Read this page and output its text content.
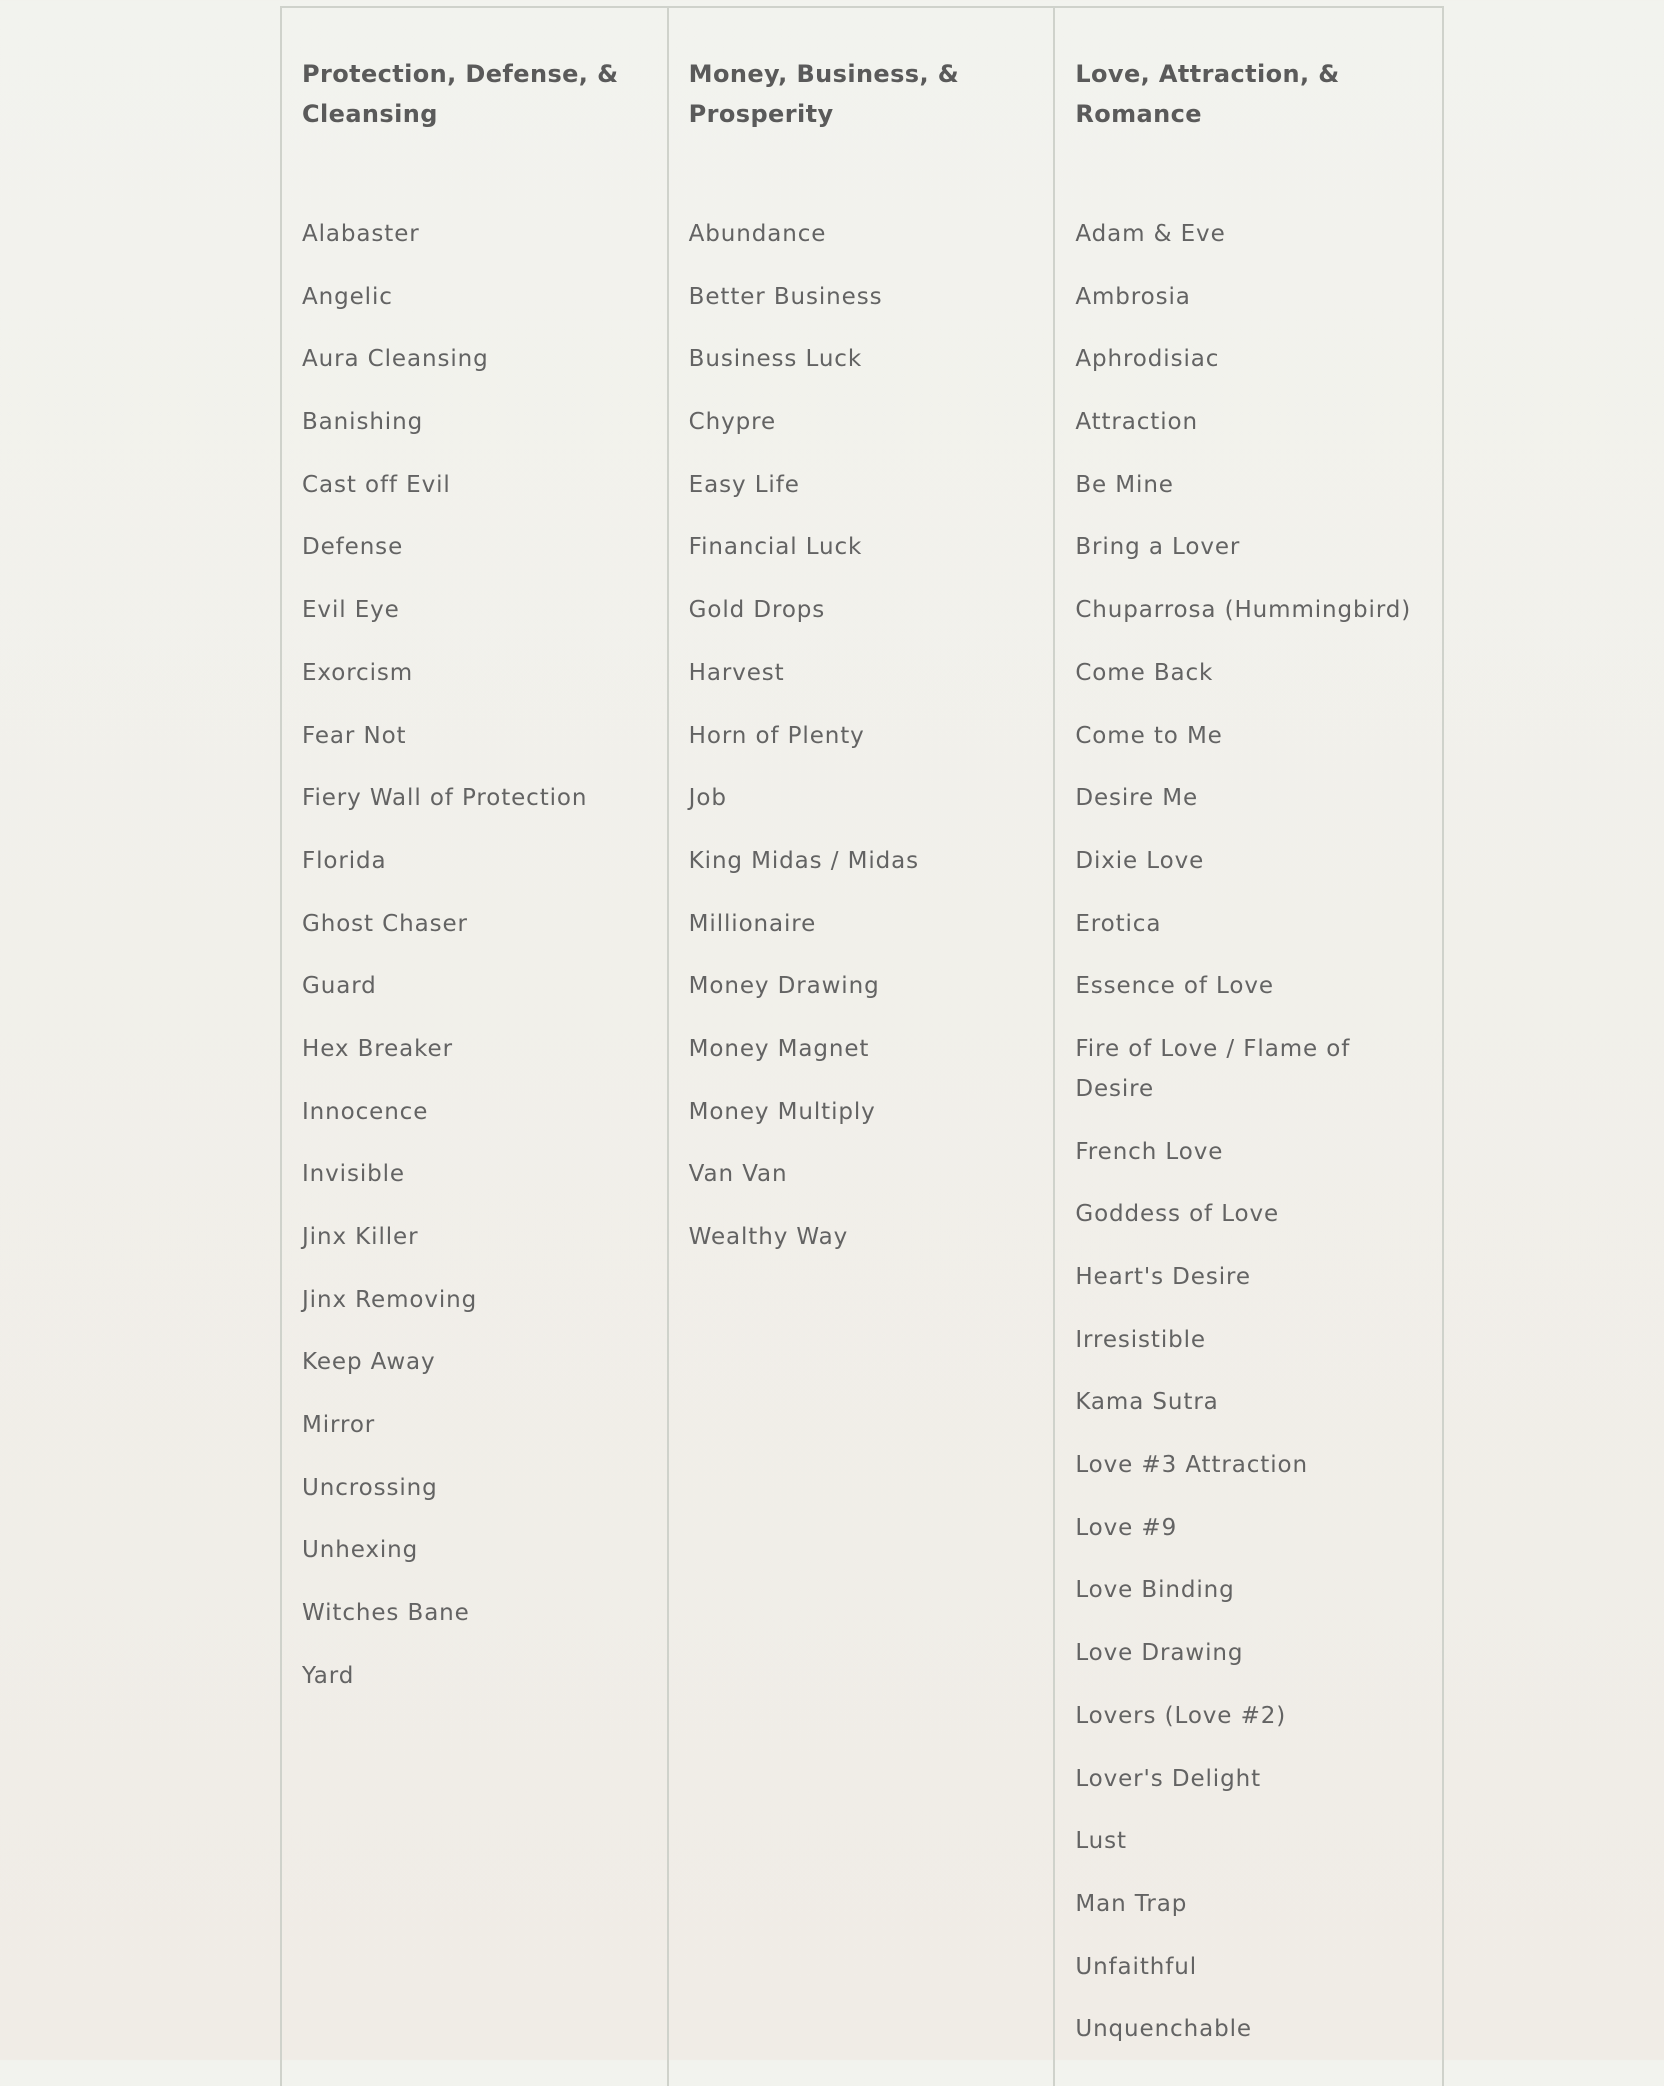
Protection, Defense, & Cleansing
Alabaster
Angelic
Aura Cleansing
Banishing
Cast off Evil
Defense
Evil Eye
Exorcism
Fear Not
Fiery Wall of Protection
Florida
Ghost Chaser
Guard
Hex Breaker
Innocence
Invisible
Jinx Killer
Jinx Removing
Keep Away
Mirror
Uncrossing
Unhexing
Witches Bane
Yard
Money, Business, & Prosperity
Abundance
Better Business
Business Luck
Chypre
Easy Life
Financial Luck
Gold Drops
Harvest
Horn of Plenty
Job
King Midas / Midas
Millionaire
Money Drawing
Money Magnet
Money Multiply
Van Van
Wealthy Way
Love, Attraction, & Romance
Adam & Eve
Ambrosia
Aphrodisiac
Attraction
Be Mine
Bring a Lover
Chuparrosa (Hummingbird)
Come Back
Come to Me
Desire Me
Dixie Love
Erotica
Essence of Love
Fire of Love / Flame of Desire
French Love
Goddess of Love
Heart's Desire
Irresistible
Kama Sutra
Love #3 Attraction
Love #9
Love Binding
Love Drawing
Lovers (Love #2)
Lover's Delight
Lust
Man Trap
Unfaithful
Unquenchable
